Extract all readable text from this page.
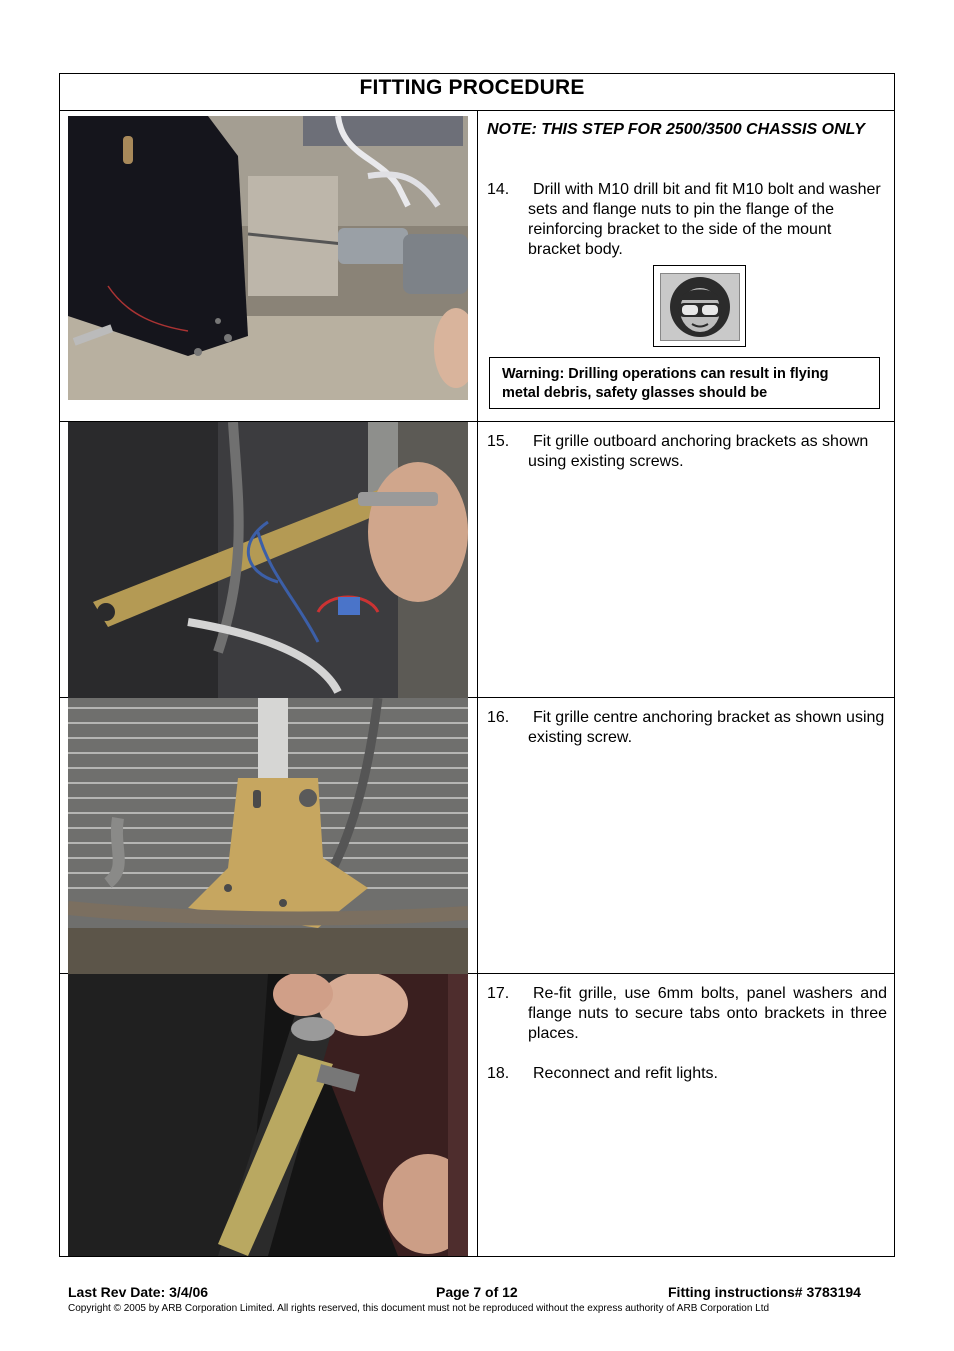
FITTING PROCEDURE
NOTE: THIS STEP FOR 2500/3500 CHASSIS ONLY
14.	Drill with M10 drill bit and fit M10 bolt and washer sets and flange nuts to pin the flange of the reinforcing bracket to the side of the mount bracket body.
Warning: Drilling operations can result in flying metal debris, safety glasses should be
15.	Fit grille outboard anchoring brackets as shown using existing screws.
16.	Fit grille centre anchoring bracket as shown using existing screw.
17.	Re-fit grille, use 6mm bolts, panel washers and flange nuts to secure tabs onto brackets in three places.
18.	Reconnect and refit lights.
Last Rev Date: 3/4/06	Page 7 of 12	Fitting instructions# 3783194
Copyright © 2005 by ARB Corporation Limited. All rights reserved, this document must not be reproduced without the express authority of ARB Corporation Ltd
